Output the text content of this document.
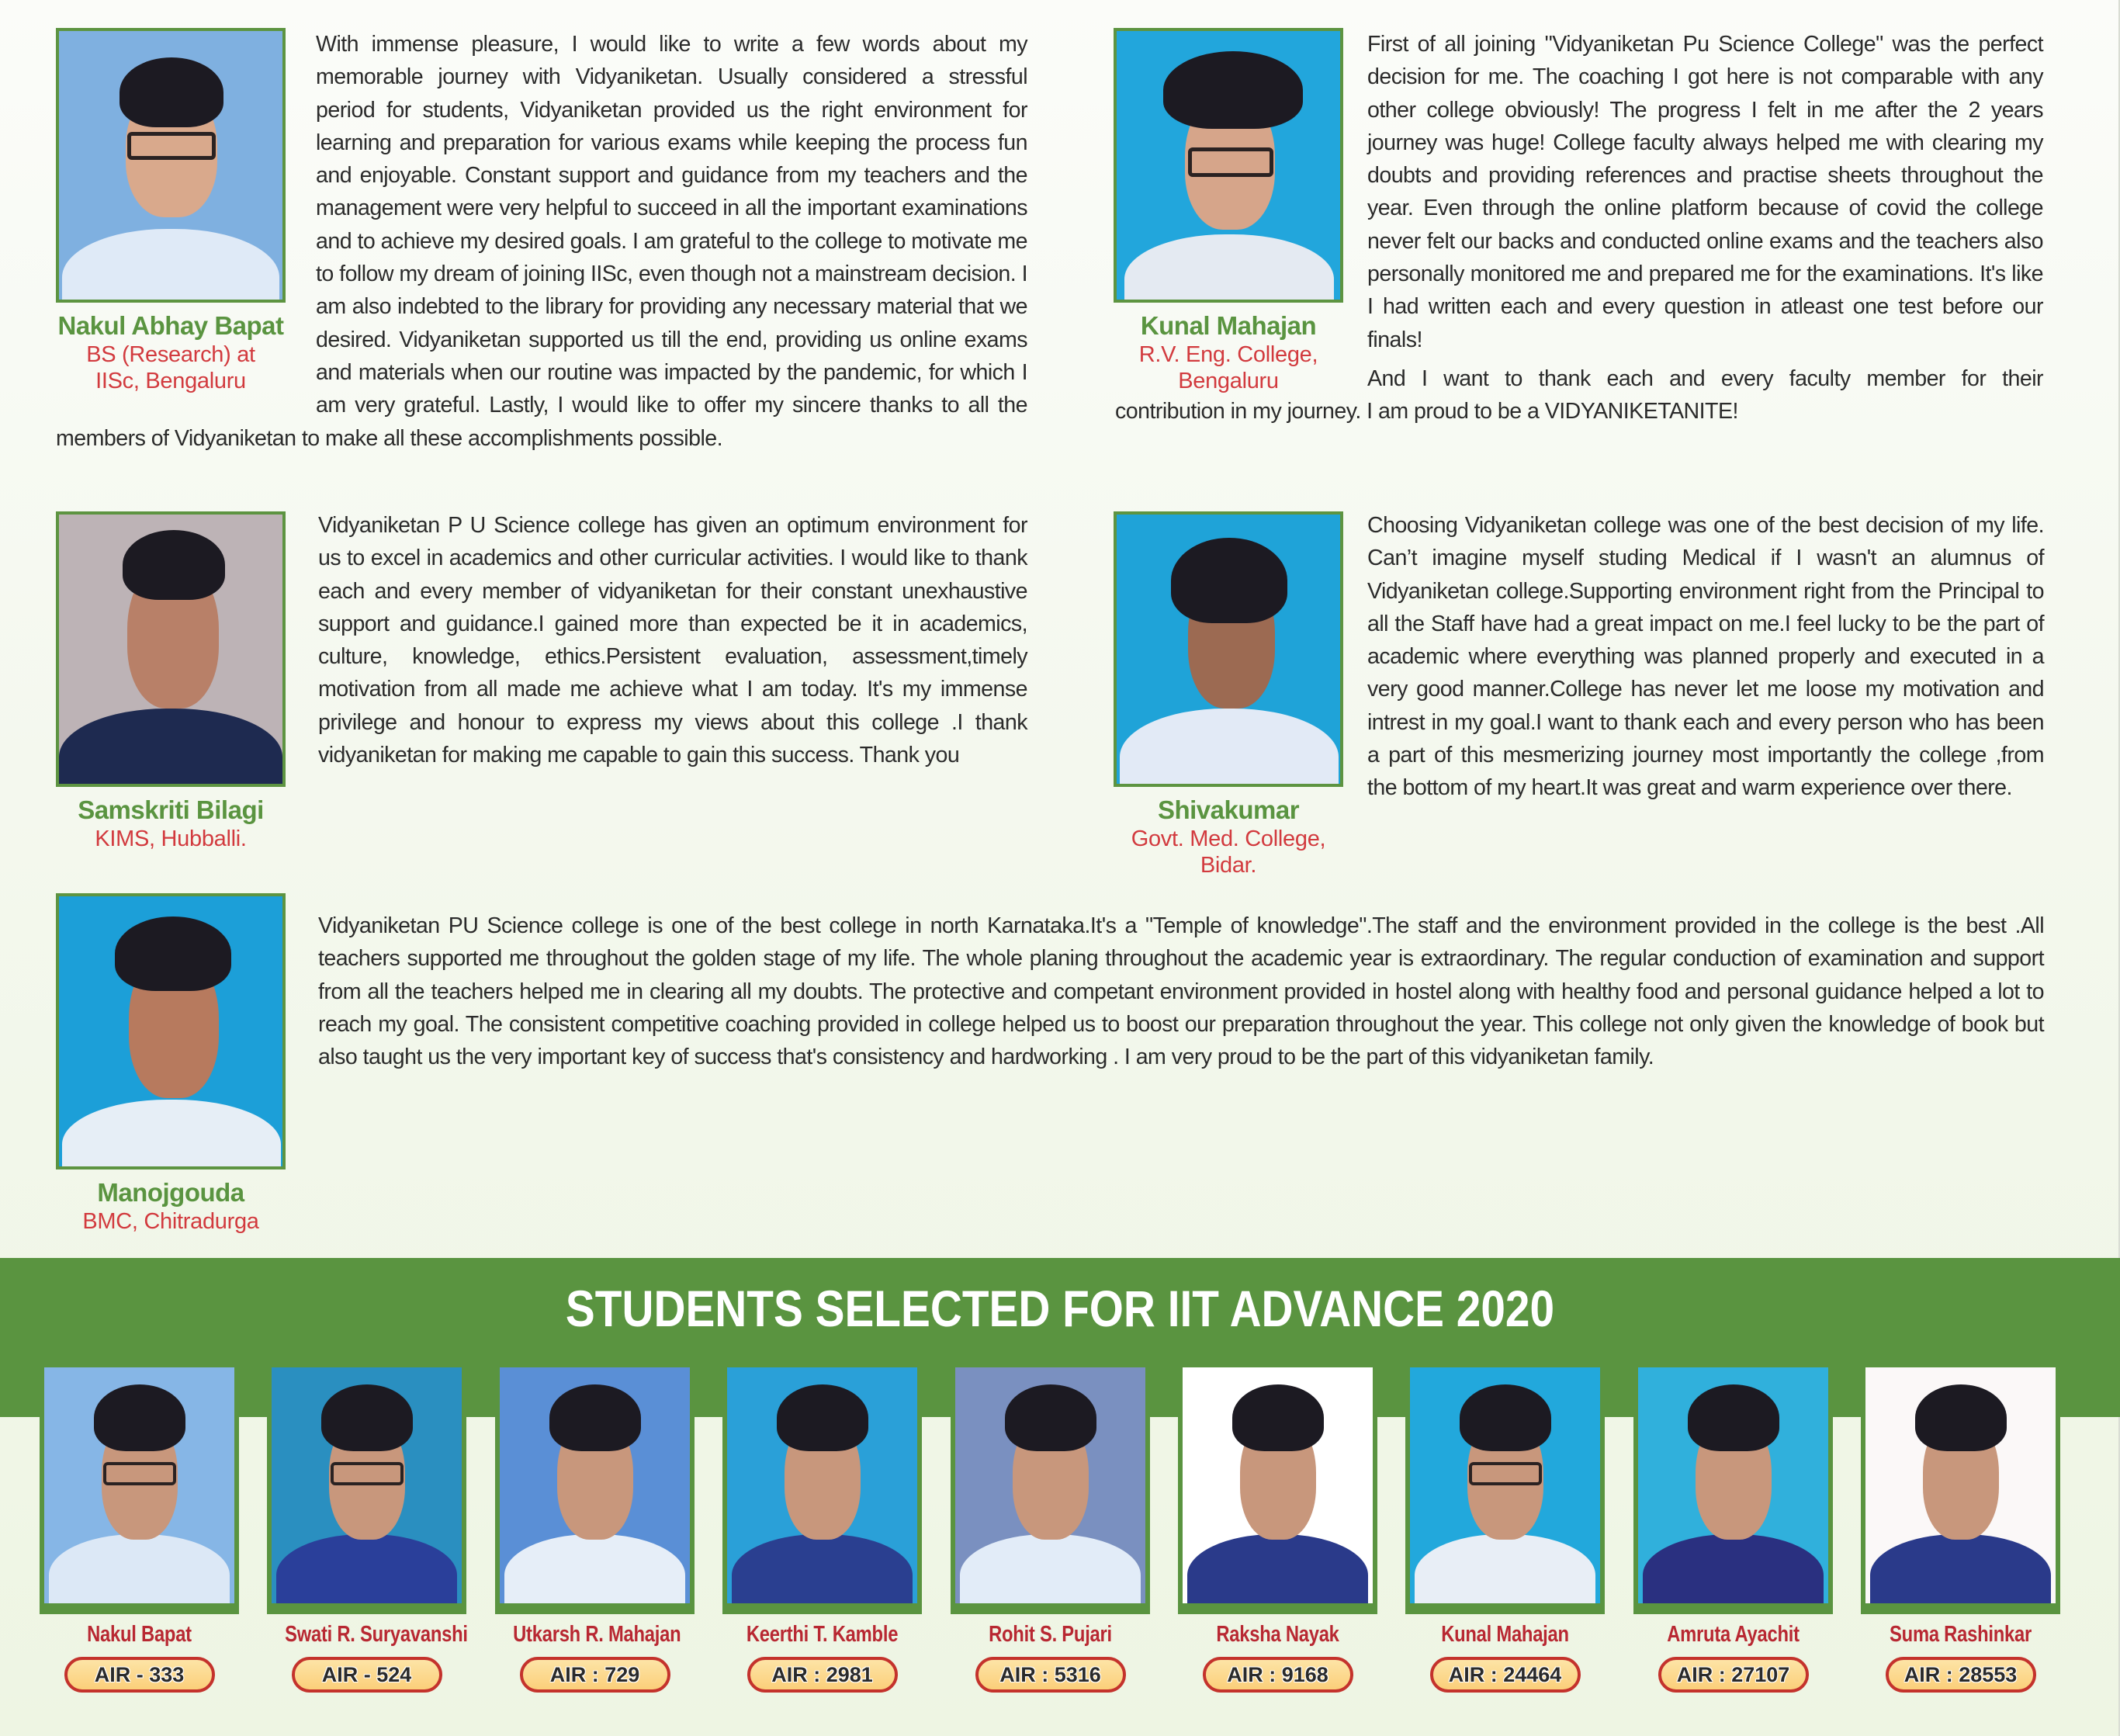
Nakul Abhay Bapat
BS (Research) at
IISc, Bengaluru

With immense pleasure, I would like to write a few words about my memorable journey with Vidyaniketan. Usually considered a stressful period for students, Vidyaniketan provided us the right environment for learning and preparation for various exams while keeping the process fun and enjoyable. Constant support and guidance from my teachers and the management were very helpful to succeed in all the important examinations and to achieve my desired goals. I am grateful to the college to motivate me to follow my dream of joining IISc, even though not a mainstream decision. I am also indebted to the library for providing any necessary material that we desired. Vidyaniketan supported us till the end, providing us online exams and materials when our routine was impacted by the pandemic, for which I am very grateful. Lastly, I would like to offer my sincere thanks to all the members of Vidyaniketan to make all these accomplishments possible.

Kunal Mahajan
R.V. Eng. College,
Bengaluru

First of all joining "Vidyaniketan Pu Science College" was the perfect decision for me. The coaching I got here is not comparable with any other college obviously! The progress I felt in me after the 2 years journey was huge! College faculty always helped me with clearing my doubts and providing references and practise sheets throughout the year. Even through the online platform because of covid the college never felt our backs and conducted online exams and the teachers also personally monitored me and prepared me for the examinations. It's like I had written each and every question in atleast one test before our finals!

And I want to thank each and every faculty member for their contribution in my journey. I am proud to be a VIDYANIKETANITE!

Samskriti Bilagi
KIMS, Hubballi.

Vidyaniketan P U Science college has given an optimum environment for us to excel in academics and other curricular activities. I would like to thank each and every member of vidyaniketan for their constant unexhaustive support and guidance.I gained more than expected be it in academics, culture, knowledge, ethics.Persistent evaluation, assessment,timely motivation from all made me achieve what I am today. It's my immense privilege and honour to express my views about this college .I thank vidyaniketan for making me capable to gain this success. Thank you

Shivakumar
Govt. Med. College,
Bidar.

Choosing Vidyaniketan college was one of the best decision of my life. Can’t imagine myself studing Medical if I wasn't an alumnus of Vidyaniketan college.Supporting environment right from the Principal to all the Staff have had a great impact on me.I feel lucky to be the part of academic where everything was planned properly and executed in a very good manner.College has never let me loose my motivation and intrest in my goal.I want to thank each and every person who has been a part of this mesmerizing journey most importantly the college ,from the bottom of my heart.It was great and warm experience over there.

Manojgouda
BMC, Chitradurga

Vidyaniketan PU Science college is one of the best college in north Karnataka.It's a "Temple of knowledge".The staff and the environment provided in the college is the best .All teachers supported me throughout the golden stage of my life. The whole planing throughout the academic year is extraordinary. The regular conduction of examination and support from all the teachers helped me in clearing all my doubts. The protective and competant environment provided in hostel along with healthy food and personal guidance helped a lot to reach my goal. The consistent competitive coaching provided in college helped us to boost our preparation throughout the year. This college not only given the knowledge of book but also taught us the very important key of success that's consistency and hardworking . I am very proud to be the part of this vidyaniketan family.

STUDENTS SELECTED FOR IIT ADVANCE 2020
Nakul Bapat
AIR - 333
Swati R. Suryavanshi
AIR - 524
Utkarsh R. Mahajan
AIR : 729
Keerthi T. Kamble
AIR : 2981
Rohit S. Pujari
AIR : 5316
Raksha Nayak
AIR : 9168
Kunal Mahajan
AIR : 24464
Amruta Ayachit
AIR : 27107
Suma Rashinkar
AIR : 28553
